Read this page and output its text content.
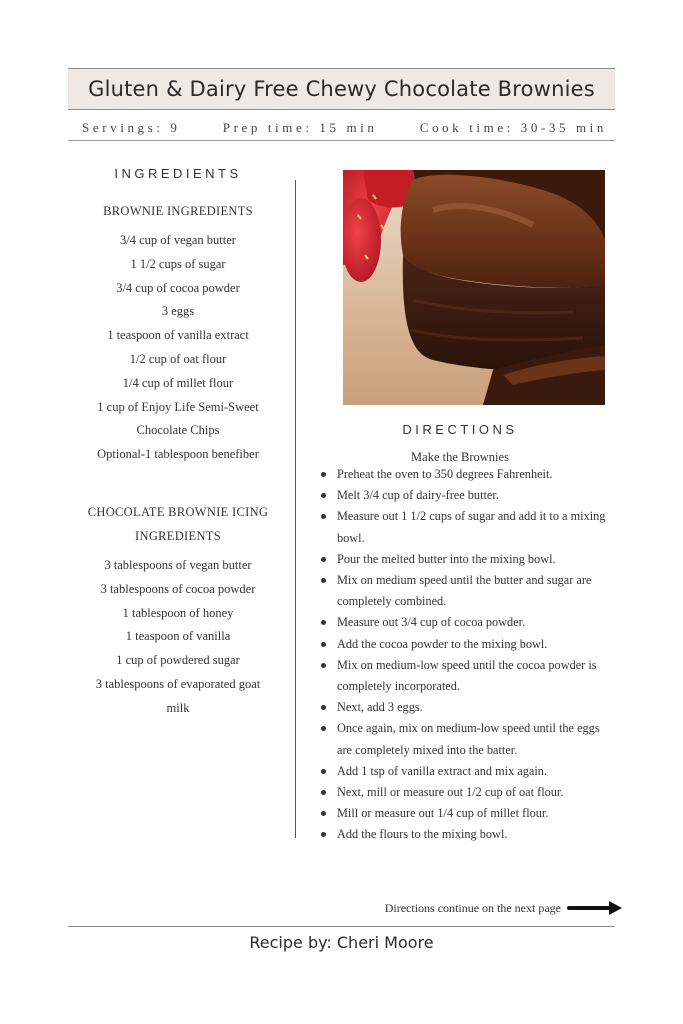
Gluten & Dairy Free Chewy Chocolate Brownies
Servings: 9	Prep time: 15 min	Cook time: 30-35 min
INGREDIENTS
BROWNIE INGREDIENTS
3/4 cup of vegan butter
1 1/2 cups of sugar
3/4 cup of cocoa powder
3 eggs
1 teaspoon of vanilla extract
1/2 cup of oat flour
1/4 cup of millet flour
1 cup of Enjoy Life Semi-Sweet
Chocolate Chips
Optional-1 tablespoon benefiber
CHOCOLATE BROWNIE ICING
INGREDIENTS
3 tablespoons of vegan butter
3 tablespoons of cocoa powder
1 tablespoon of honey
1 teaspoon of vanilla
1 cup of powdered sugar
3 tablespoons of evaporated goat
milk
DIRECTIONS
Make the Brownies
Preheat the oven to 350 degrees Fahrenheit.
Melt 3/4 cup of dairy-free butter.
Measure out 1 1/2 cups of sugar and add it to a mixing bowl.
Pour the melted butter into the mixing bowl.
Mix on medium speed until the butter and sugar are completely combined.
Measure out 3/4 cup of cocoa powder.
Add the cocoa powder to the mixing bowl.
Mix on medium-low speed until the cocoa powder is completely incorporated.
Next, add 3 eggs.
Once again, mix on medium-low speed until the eggs are completely mixed into the batter.
Add 1 tsp of vanilla extract and mix again.
Next, mill or measure out 1/2 cup of oat flour.
Mill or measure out 1/4 cup of millet flour.
Add the flours to the mixing bowl.
Directions continue on the next page
Recipe by: Cheri Moore
